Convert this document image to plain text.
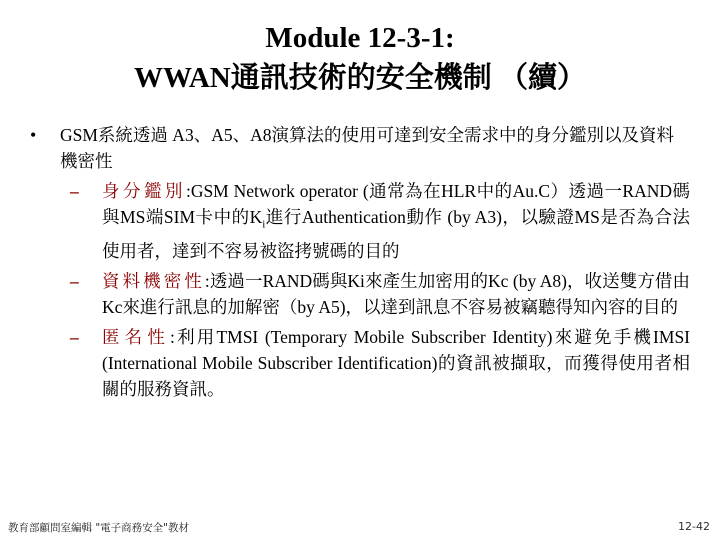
Module 12-3-1:
WWAN通訊技術的安全機制 （續）
•	GSM系統透過 A3、A5、A8演算法的使用可達到安全需求中的身分鑑別以及資料機密性
–	身分鑑別:GSM Network operator (通常為在HLR中的Au.C）透過一RAND碼與MS端SIM卡中的$K_i$進行Authentication動作 (by A3)，以驗證MS是否為合法使用者，達到不容易被盜拷號碼的目的
–	資料機密性:透過一RAND碼與Ki來產生加密用的Kc (by A8)，收送雙方借由Kc來進行訊息的加解密（by A5)，以達到訊息不容易被竊聽得知內容的目的
–	匿名性:利用TMSI (Temporary Mobile Subscriber Identity)來避免手機IMSI (International Mobile Subscriber Identification)的資訊被擷取，而獲得使用者相關的服務資訊。
教育部顧問室編輯 "電子商務安全"教材	12-42
